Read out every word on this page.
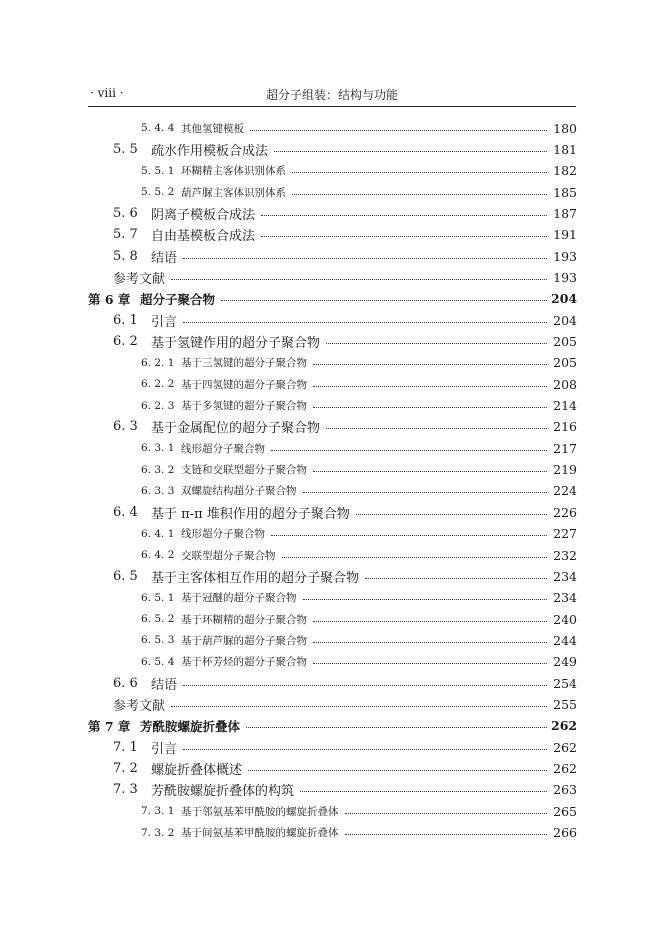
· viii ·	超分子组装：结构与功能
5. 4. 4 其他氢键模板	180
5. 5	疏水作用模板合成法	181
5. 5. 1 环糊精主客体识别体系	182
5. 5. 2 葫芦脲主客体识别体系	185
5. 6	阴离子模板合成法	187
5. 7	自由基模板合成法	191
5. 8	结语	193
参考文献	193
第 6 章 超分子聚合物	204
6. 1	引言	204
6. 2	基于氢键作用的超分子聚合物	205
6. 2. 1 基于三氢键的超分子聚合物	205
6. 2. 2 基于四氢键的超分子聚合物	208
6. 2. 3 基于多氢键的超分子聚合物	214
6. 3	基于金属配位的超分子聚合物	216
6. 3. 1 线形超分子聚合物	217
6. 3. 2 支链和交联型超分子聚合物	219
6. 3. 3 双螺旋结构超分子聚合物	224
6. 4	基于 π-π 堆积作用的超分子聚合物	226
6. 4. 1 线形超分子聚合物	227
6. 4. 2 交联型超分子聚合物	232
6. 5	基于主客体相互作用的超分子聚合物	234
6. 5. 1 基于冠醚的超分子聚合物	234
6. 5. 2 基于环糊精的超分子聚合物	240
6. 5. 3 基于葫芦脲的超分子聚合物	244
6. 5. 4 基于杯芳烃的超分子聚合物	249
6. 6	结语	254
参考文献	255
第 7 章 芳酰胺螺旋折叠体	262
7. 1	引言	262
7. 2	螺旋折叠体概述	262
7. 3	芳酰胺螺旋折叠体的构筑	263
7. 3. 1 基于邻氨基苯甲酰胺的螺旋折叠体	265
7. 3. 2 基于间氨基苯甲酰胺的螺旋折叠体	266
